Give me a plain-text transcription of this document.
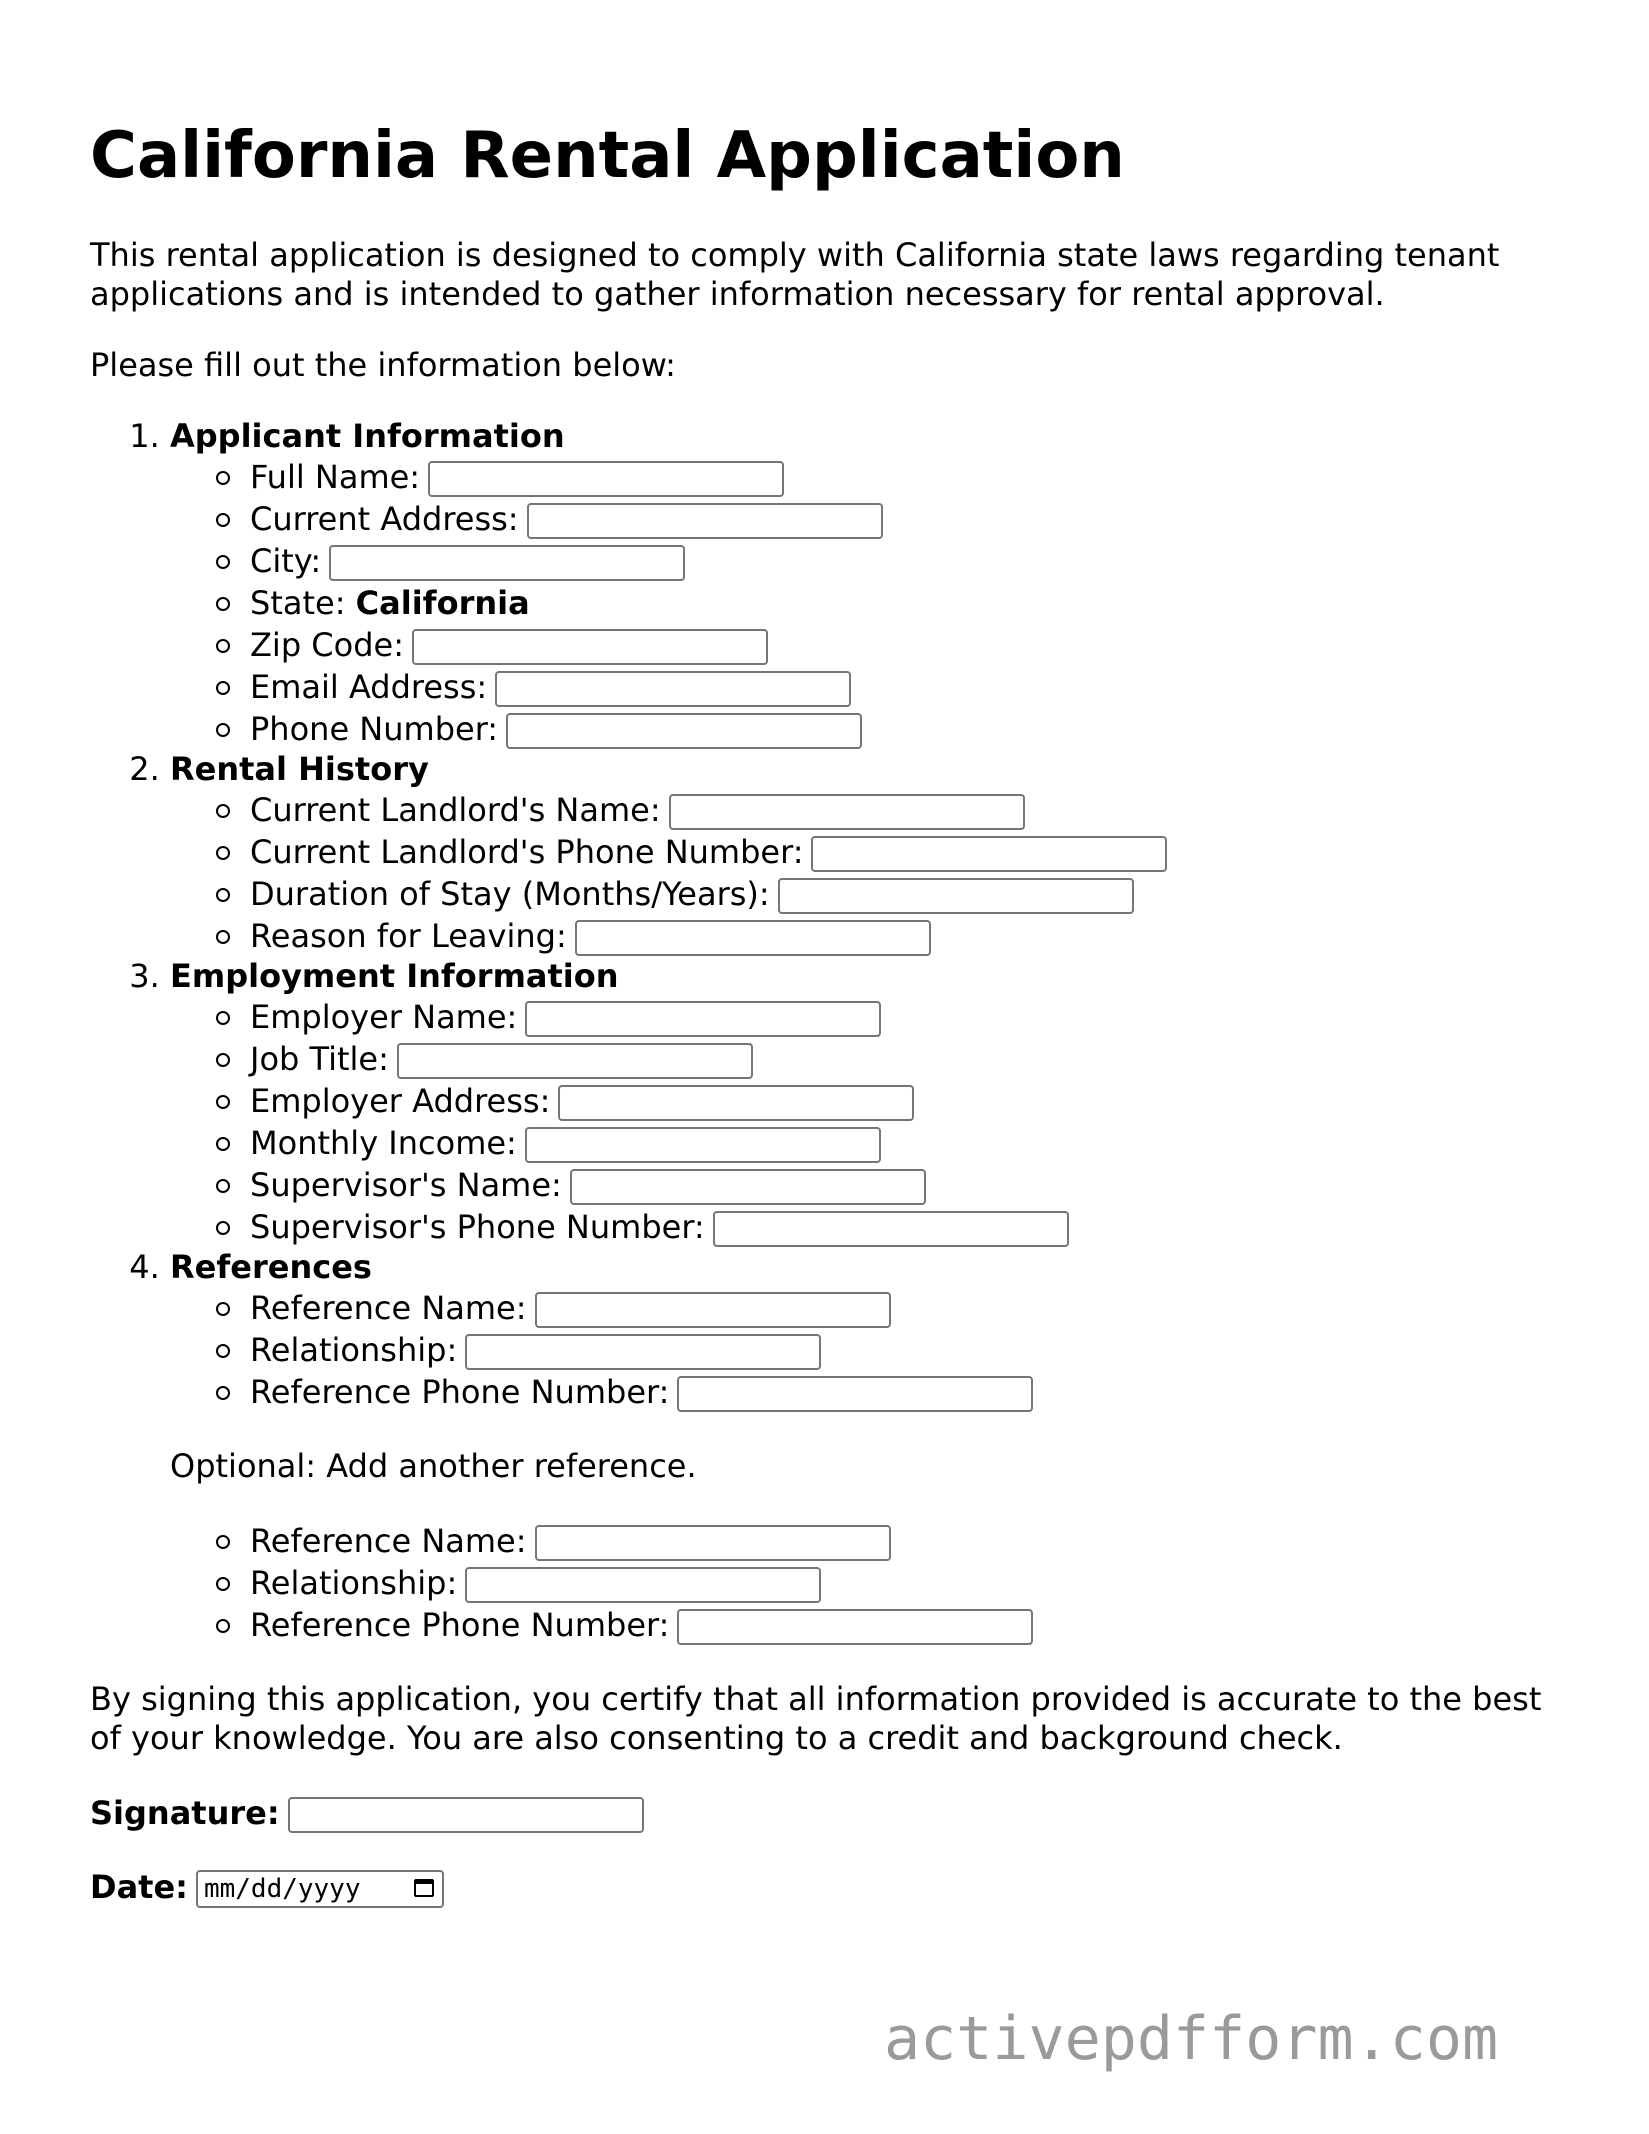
California Rental Application

This rental application is designed to comply with California state laws regarding tenant applications and is intended to gather information necessary for rental approval.

Please fill out the information below:

1. Applicant Information
Full Name:
Current Address:
City:
State: California
Zip Code:
Email Address:
Phone Number:
2. Rental History
Current Landlord's Name:
Current Landlord's Phone Number:
Duration of Stay (Months/Years):
Reason for Leaving:
3. Employment Information
Employer Name:
Job Title:
Employer Address:
Monthly Income:
Supervisor's Name:
Supervisor's Phone Number:
4. References
Reference Name:
Relationship:
Reference Phone Number:

Optional: Add another reference.

Reference Name:
Relationship:
Reference Phone Number:

By signing this application, you certify that all information provided is accurate to the best of your knowledge. You are also consenting to a credit and background check.

Signature:
Date: mm/dd/yyyy
activepdfform.com
